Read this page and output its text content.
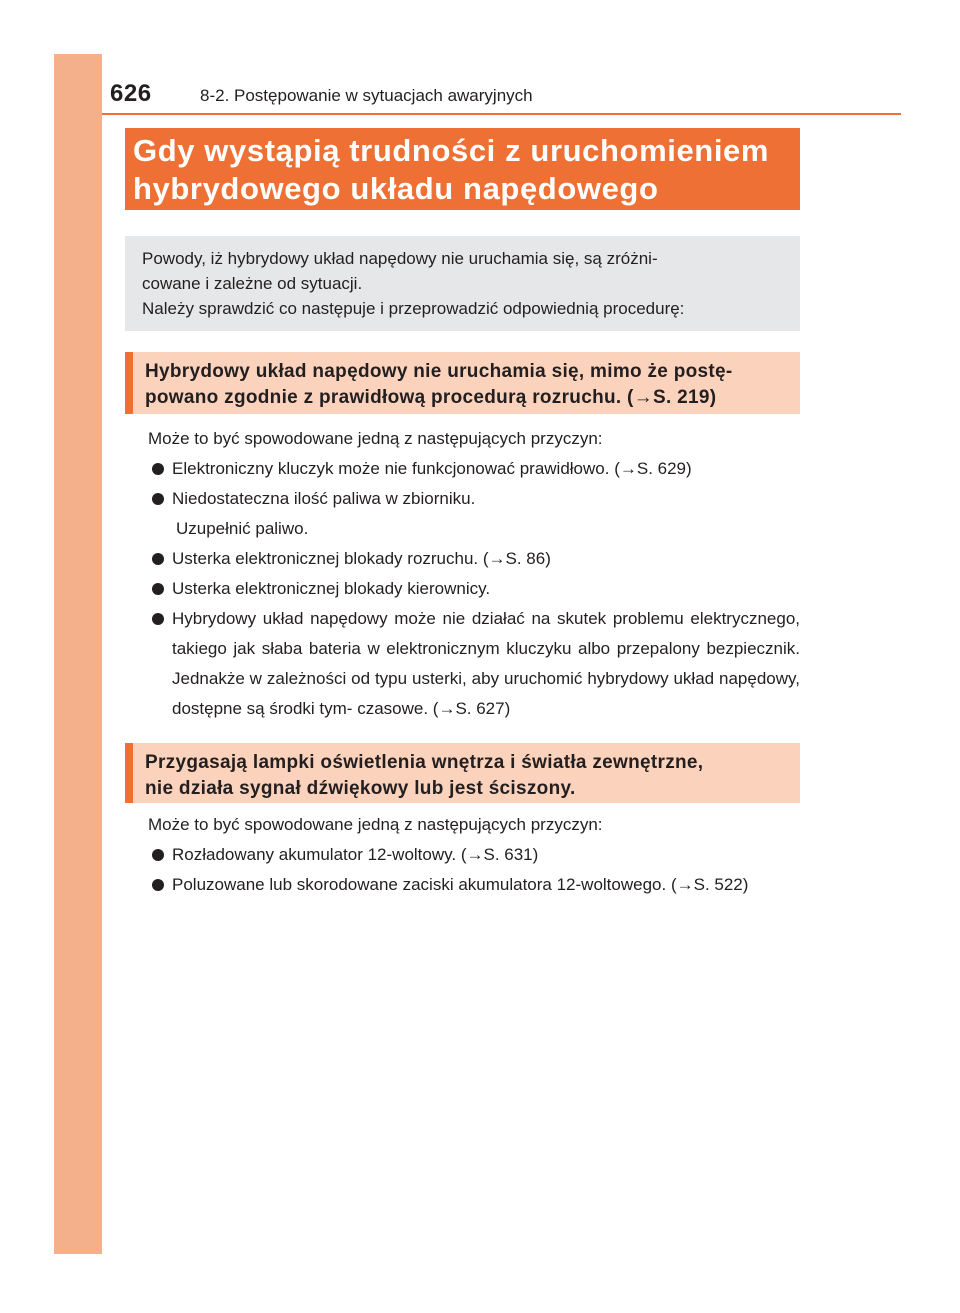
626	8-2. Postępowanie w sytuacjach awaryjnych
Gdy wystąpią trudności z uruchomieniem
hybrydowego układu napędowego
Powody, iż hybrydowy układ napędowy nie uruchamia się, są zróżni-
cowane i zależne od sytuacji.
Należy sprawdzić co następuje i przeprowadzić odpowiednią procedurę:
Hybrydowy układ napędowy nie uruchamia się, mimo że postę-
powano zgodnie z prawidłową procedurą rozruchu. (→S. 219)
Może to być spowodowane jedną z następujących przyczyn:
Elektroniczny kluczyk może nie funkcjonować prawidłowo. (→S. 629)
Niedostateczna ilość paliwa w zbiorniku.
Uzupełnić paliwo.
Usterka elektronicznej blokady rozruchu. (→S. 86)
Usterka elektronicznej blokady kierownicy.
Hybrydowy układ napędowy może nie działać na skutek problemu elektrycznego, takiego jak słaba bateria w elektronicznym kluczyku albo przepalony bezpiecznik. Jednakże w zależności od typu usterki, aby uruchomić hybrydowy układ napędowy, dostępne są środki tym- czasowe. (→S. 627)
Przygasają lampki oświetlenia wnętrza i światła zewnętrzne,
nie działa sygnał dźwiękowy lub jest ściszony.
Może to być spowodowane jedną z następujących przyczyn:
Rozładowany akumulator 12-woltowy. (→S. 631)
Poluzowane lub skorodowane zaciski akumulatora 12-woltowego. (→S. 522)
